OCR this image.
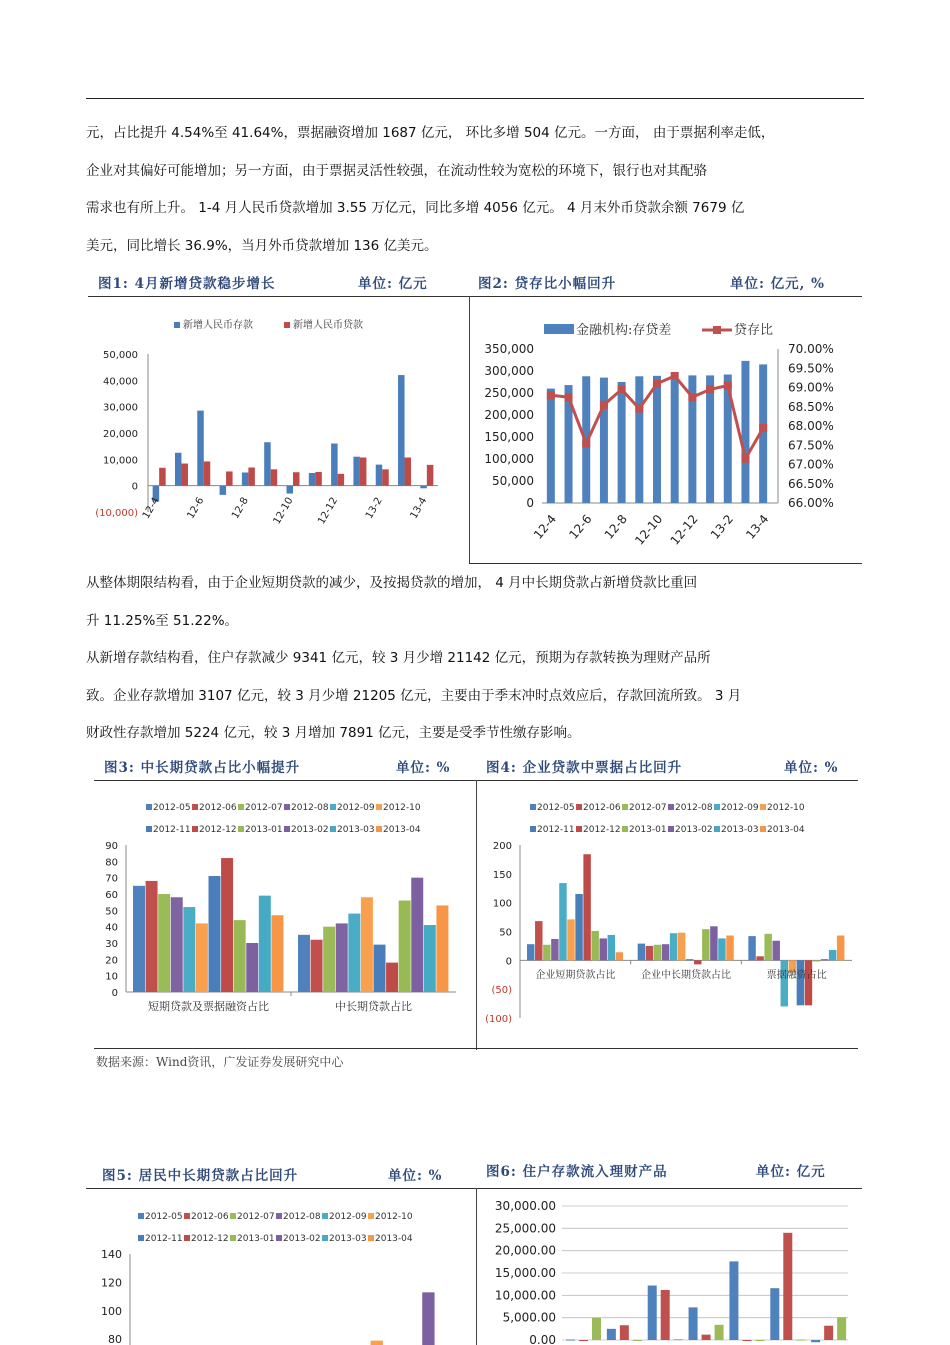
元，占比提升 4.54%至 41.64%，票据融资增加 1687 亿元， 环比多增 504 亿元。一方面， 由于票据利率走低，
企业对其偏好可能增加；另一方面，由于票据灵活性较强，在流动性较为宽松的环境下，银行也对其配骆
需求也有所上升。 1-4 月人民币贷款增加 3.55 万亿元，同比多增 4056 亿元。 4 月末外币贷款余额 7679 亿
美元，同比增长 36.9%，当月外币贷款增加 136 亿美元。
图1: 4月新增贷款稳步增长	单位: 亿元	图2: 贷存比小幅回升	单位: 亿元, %
50,000
40,000
30,000
20,000
10,000
0
(10,000) 12-4 12-6 12-8 12-10 12-12 13-2 13-4
新增人民币存款	新增人民币贷款
350,000
300,000
250,000
200,000
150,000
100,000
50,000
0
70.00%
69.50%
69.00%
68.50%
68.00%
67.50%
67.00%
66.50%
66.00%
12-4 12-6 12-8 12-10 12-12 13-2 13-4
金融机构:存贷差	贷存比
从整体期限结构看，由于企业短期贷款的减少，及按揭贷款的增加， 4 月中长期贷款占新增贷款比重回
升 11.25%至 51.22%。
从新增存款结构看，住户存款减少 9341 亿元，较 3 月少增 21142 亿元，预期为存款转换为理财产品所
致。企业存款增加 3107 亿元，较 3 月少增 21205 亿元，主要由于季末冲时点效应后，存款回流所致。 3 月
财政性存款增加 5224 亿元，较 3 月增加 7891 亿元，主要是受季节性缴存影响。
图3: 中长期贷款占比小幅提升	单位: %	图4: 企业贷款中票据占比回升	单位: %
90
80
70
60
50
40
30
20
10
0
短期贷款及票据融资占比	中长期贷款占比
2012-05 2012-06 2012-07 2012-08 2012-09 2012-10
2012-11 2012-12 2013-01 2013-02 2013-03 2013-04
200
150
100
50
0
(50)
(100)
企业短期贷款占比	企业中长期贷款占比	票据融资占比
2012-05 2012-06 2012-07 2012-08 2012-09 2012-10
2012-11 2012-12 2013-01 2013-02 2013-03 2013-04
数据来源：Wind资讯，广发证券发展研究中心
图5: 居民中长期贷款占比回升	单位: %	图6: 住户存款流入理财产品	单位: 亿元
140
120
100
80
2012-05 2012-06 2012-07 2012-08 2012-09 2012-10
2012-11 2012-12 2013-01 2013-02 2013-03 2013-04
30,000.00
25,000.00
20,000.00
15,000.00
10,000.00
5,000.00
0.00
